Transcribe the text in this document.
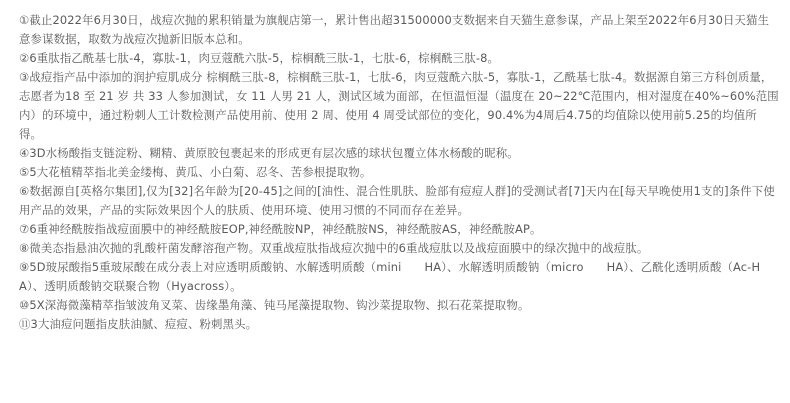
①截止2022年6月30日，战痘次抛的累积销量为旗舰店第一，累计售出超31500000支数据来自天猫生意参谋，产品上架至2022年6月30日天猫生意参谋数据，取数为战痘次抛新旧版本总和。

②6重肽指乙酰基七肽-4，寡肽-1，肉豆蔻酰六肽-5，棕榈酰三肽-1，七肽-6，棕榈酰三肽-8。

③战痘指产品中添加的润护痘肌成分 棕榈酰三肽-8，棕榈酰三肽-1，七肽-6，肉豆蔻酰六肽-5，寡肽-1，乙酰基七肽-4。数据源自第三方科创质量，志愿者为18 至 21 岁 共 33 人参加测试，女 11 人男 21 人，测试区域为面部，在恒温恒湿（温度在 20~22℃范围内，相对湿度在40%~60%范围内）的环境中，通过粉刺人工计数检测产品使用前、使用 2 周、使用 4 周受试部位的变化，90.4%为4周后4.75的均值除以使用前5.25的均值所得。

④3D水杨酸指支链淀粉、糊精、黄原胶包裹起来的形成更有层次感的球状包覆立体水杨酸的昵称。

⑤5大花植精萃指北美金缕梅、黄瓜、小白菊、忍冬、苦参根提取物。

⑥数据源自[英格尔集团],仅为[32]名年龄为[20-45]之间的[油性、混合性肌肤、脸部有痘痘人群]的受测试者[7]天内在[每天早晚使用1支的]条件下使用产品的效果，产品的实际效果因个人的肤质、使用环境、使用习惯的不同而存在差异。

⑦6重神经酰胺指战痘面膜中的神经酰胺EOP,神经酰胺NP，神经酰胺NS，神经酰胺AS，神经酰胺AP。

⑧微美态指悬油次抛的乳酸杆菌发酵溶孢产物。双重战痘肽指战痘次抛中的6重战痘肽以及战痘面膜中的绿次抛中的战痘肽。

⑨5D玻尿酸指5重玻尿酸在成分表上对应透明质酸钠、水解透明质酸（mini　　HA）、水解透明质酸钠（micro　　HA）、乙酰化透明质酸（Ac-HA）、透明质酸钠交联聚合物（Hyacross）。

⑩5X深海微藻精萃指皱波角叉菜、齿缘墨角藻、钝马尾藻提取物、钩沙菜提取物、拟石花菜提取物。

⑪3大油痘问题指皮肤油腻、痘痘、粉刺黑头。
